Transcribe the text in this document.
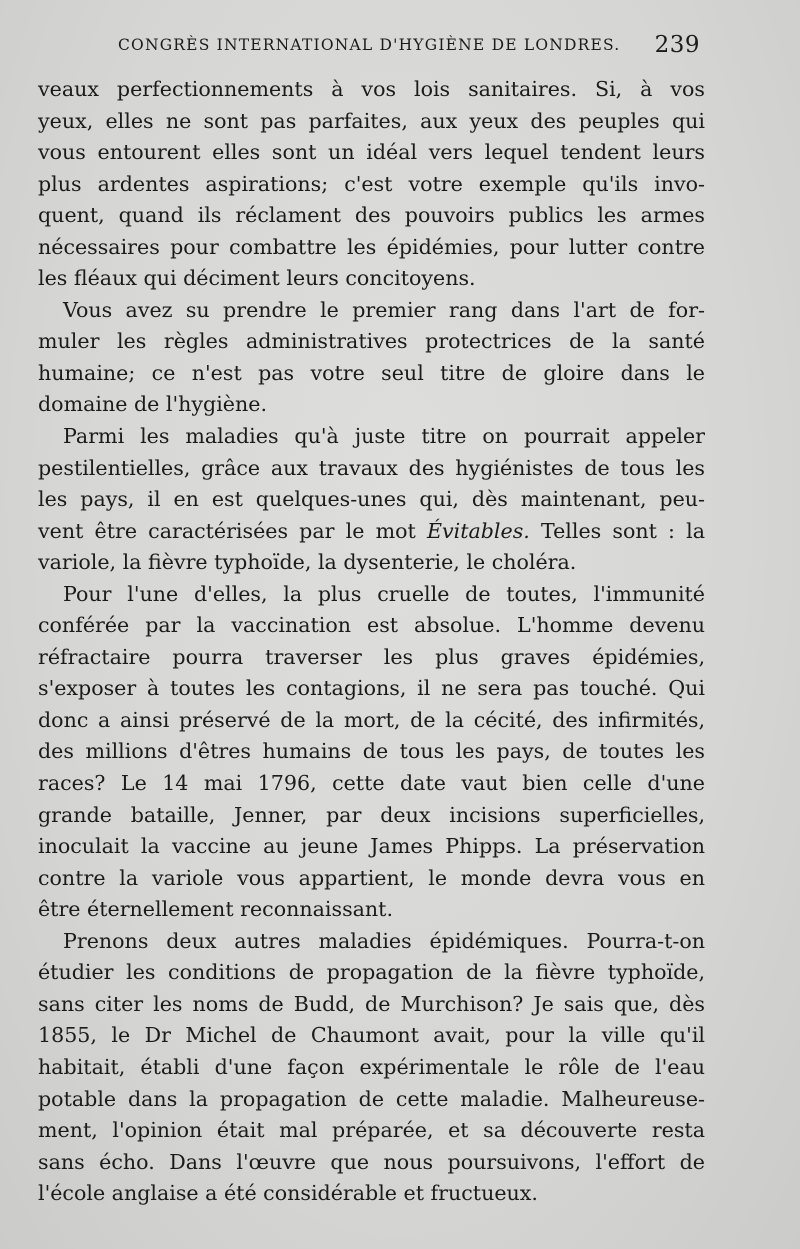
CONGRÈS INTERNATIONAL D'HYGIÈNE DE LONDRES. 239
veaux perfectionnements à vos lois sanitaires. Si, à vos
yeux, elles ne sont pas parfaites, aux yeux des peuples qui
vous entourent elles sont un idéal vers lequel tendent leurs
plus ardentes aspirations; c'est votre exemple qu'ils invo-
quent, quand ils réclament des pouvoirs publics les armes
nécessaires pour combattre les épidémies, pour lutter contre
les fléaux qui déciment leurs concitoyens.
Vous avez su prendre le premier rang dans l'art de for-
muler les règles administratives protectrices de la santé
humaine; ce n'est pas votre seul titre de gloire dans le
domaine de l'hygiène.
Parmi les maladies qu'à juste titre on pourrait appeler
pestilentielles, grâce aux travaux des hygiénistes de tous les
les pays, il en est quelques-unes qui, dès maintenant, peu-
vent être caractérisées par le mot Évitables. Telles sont : la
variole, la fièvre typhoïde, la dysenterie, le choléra.
Pour l'une d'elles, la plus cruelle de toutes, l'immunité
conférée par la vaccination est absolue. L'homme devenu
réfractaire pourra traverser les plus graves épidémies,
s'exposer à toutes les contagions, il ne sera pas touché. Qui
donc a ainsi préservé de la mort, de la cécité, des infirmités,
des millions d'êtres humains de tous les pays, de toutes les
races? Le 14 mai 1796, cette date vaut bien celle d'une
grande bataille, Jenner, par deux incisions superficielles,
inoculait la vaccine au jeune James Phipps. La préservation
contre la variole vous appartient, le monde devra vous en
être éternellement reconnaissant.
Prenons deux autres maladies épidémiques. Pourra-t-on
étudier les conditions de propagation de la fièvre typhoïde,
sans citer les noms de Budd, de Murchison? Je sais que, dès
1855, le Dr Michel de Chaumont avait, pour la ville qu'il
habitait, établi d'une façon expérimentale le rôle de l'eau
potable dans la propagation de cette maladie. Malheureuse-
ment, l'opinion était mal préparée, et sa découverte resta
sans écho. Dans l'œuvre que nous poursuivons, l'effort de
l'école anglaise a été considérable et fructueux.
